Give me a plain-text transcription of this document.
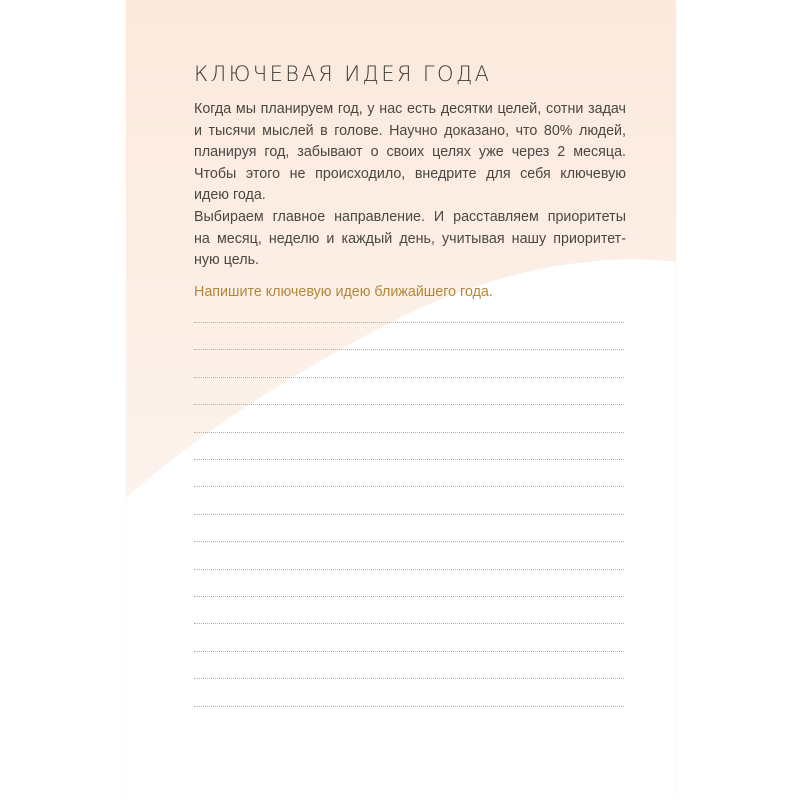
КЛЮЧЕВАЯ ИДЕЯ ГОДА

Когда мы планируем год, у нас есть десятки целей, сотни задач
и тысячи мыслей в голове. Научно доказано, что 80% людей,
планируя год, забывают о своих целях уже через 2 месяца.
Чтобы этого не происходило, внедрите для себя ключевую
идею года.
Выбираем главное направление. И расставляем приоритеты
на месяц, неделю и каждый день, учитывая нашу приоритет-
ную цель.

Напишите ключевую идею ближайшего года.
